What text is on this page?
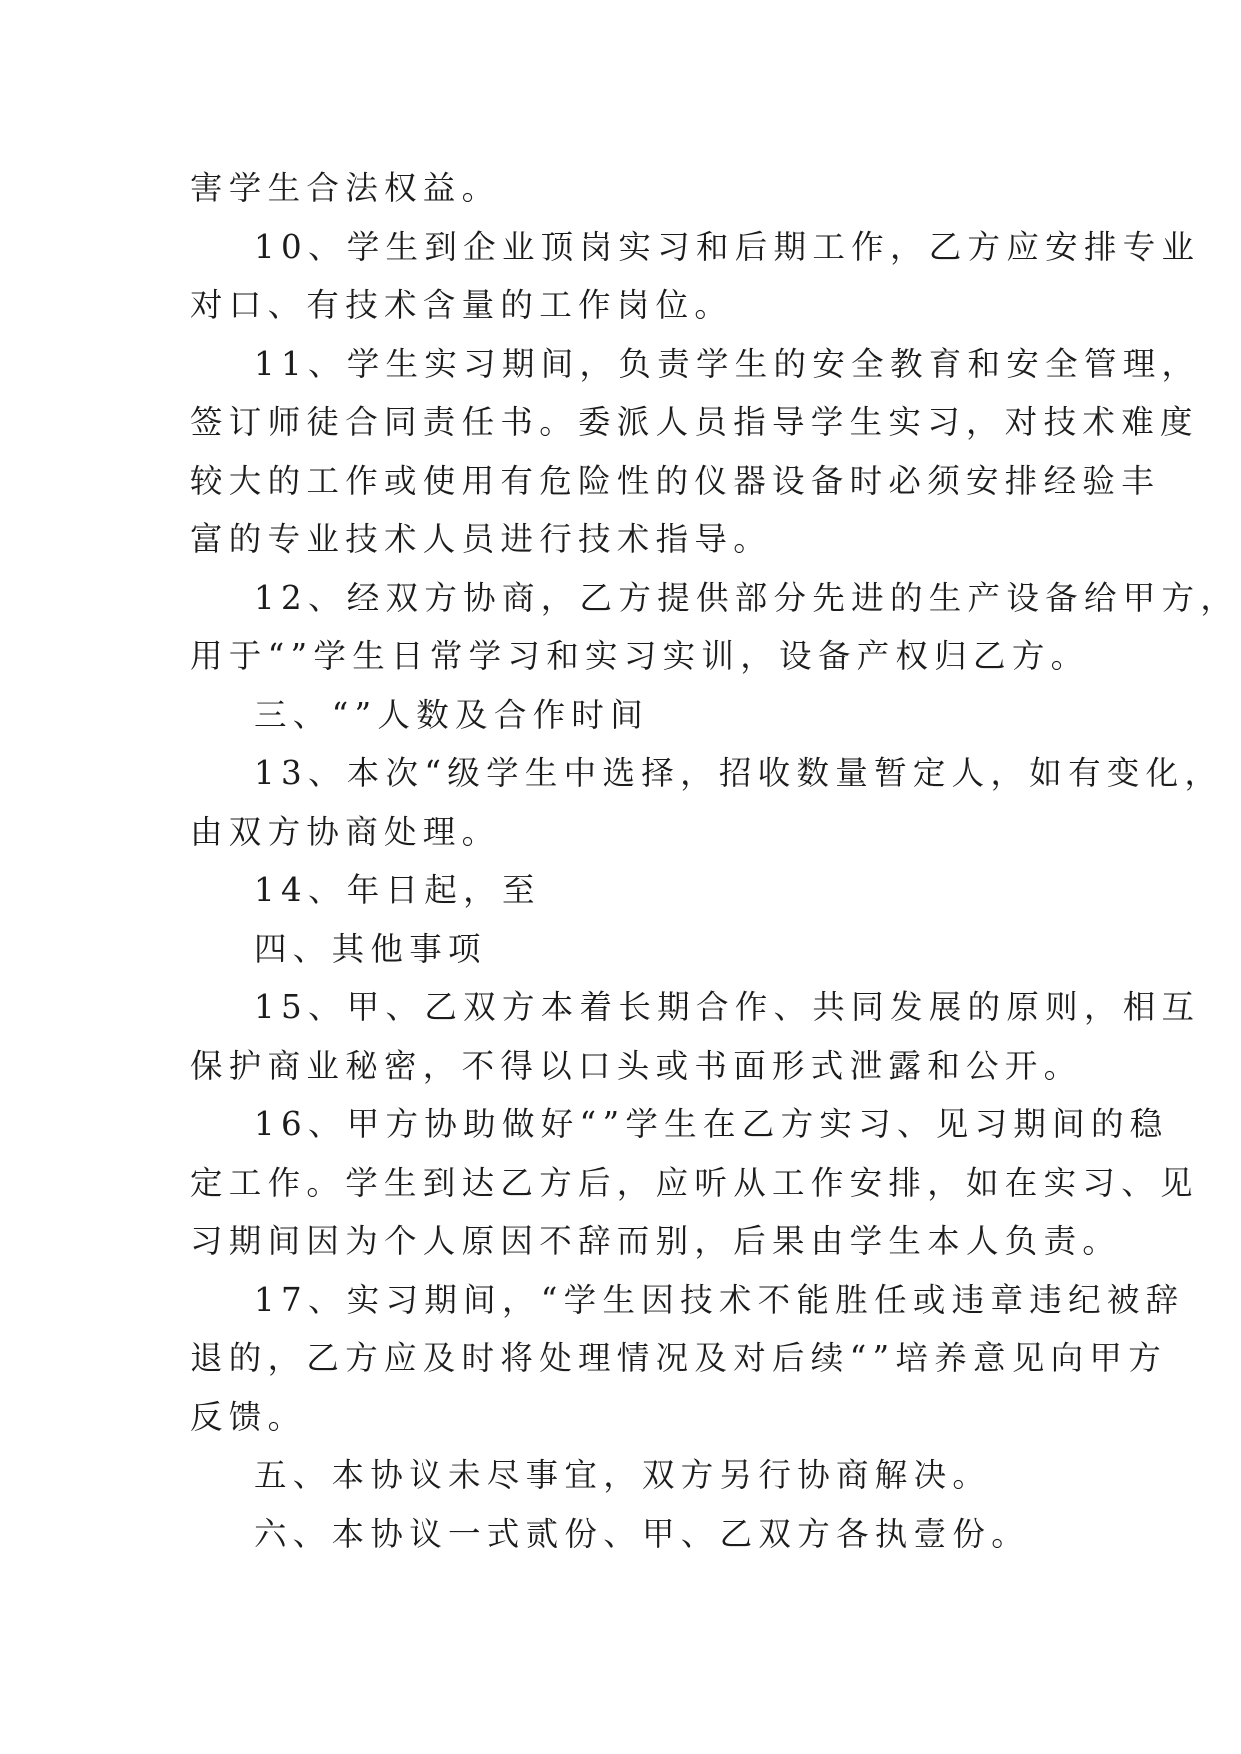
害学生合法权益。

10、学生到企业顶岗实习和后期工作，乙方应安排专业

对口、有技术含量的工作岗位。

11、学生实习期间，负责学生的安全教育和安全管理，

签订师徒合同责任书。委派人员指导学生实习，对技术难度

较大的工作或使用有危险性的仪器设备时必须安排经验丰

富的专业技术人员进行技术指导。

12、经双方协商，乙方提供部分先进的生产设备给甲方，

用于“”学生日常学习和实习实训，设备产权归乙方。

三、“”人数及合作时间

13、本次“级学生中选择，招收数量暂定人，如有变化，

由双方协商处理。

14、年日起，至

四、其他事项

15、甲、乙双方本着长期合作、共同发展的原则，相互

保护商业秘密，不得以口头或书面形式泄露和公开。

16、甲方协助做好“”学生在乙方实习、见习期间的稳

定工作。学生到达乙方后，应听从工作安排，如在实习、见

习期间因为个人原因不辞而别，后果由学生本人负责。

17、实习期间，“学生因技术不能胜任或违章违纪被辞

退的，乙方应及时将处理情况及对后续“”培养意见向甲方

反馈。

五、本协议未尽事宜，双方另行协商解决。

六、本协议一式贰份、甲、乙双方各执壹份。
